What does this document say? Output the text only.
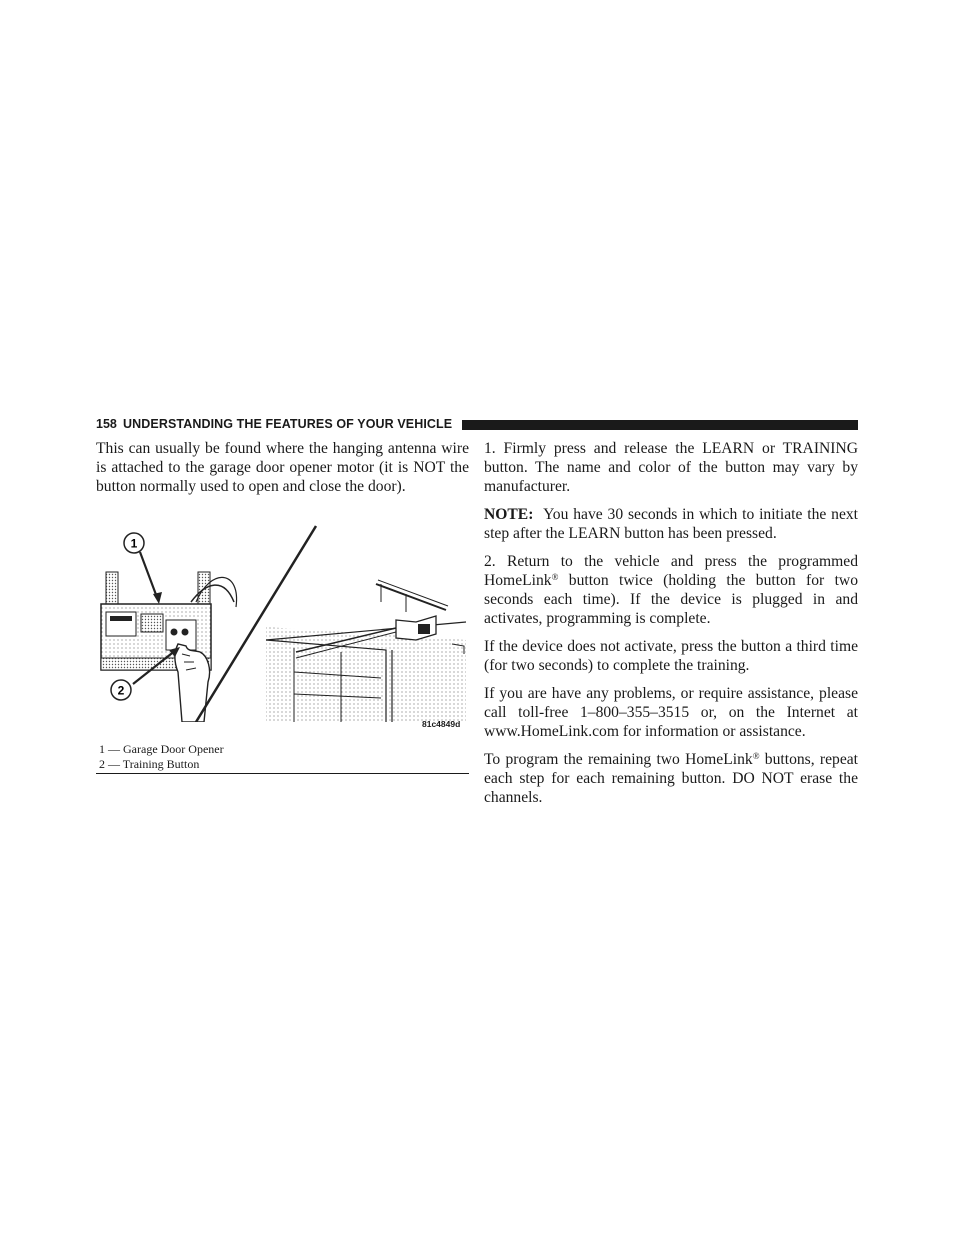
158 UNDERSTANDING THE FEATURES OF YOUR VEHICLE

This can usually be found where the hanging antenna wire is attached to the garage door opener motor (it is NOT the button normally used to open and close the door).

1
2
81c4849d
1 — Garage Door Opener
2 — Training Button

1. Firmly press and release the LEARN or TRAINING button. The name and color of the button may vary by manufacturer.

NOTE: You have 30 seconds in which to initiate the next step after the LEARN button has been pressed.

2. Return to the vehicle and press the programmed HomeLink® button twice (holding the button for two seconds each time). If the device is plugged in and activates, programming is complete.

If the device does not activate, press the button a third time (for two seconds) to complete the training.

If you are have any problems, or require assistance, please call toll-free 1–800–355–3515 or, on the Internet at www.HomeLink.com for information or assistance.

To program the remaining two HomeLink® buttons, repeat each step for each remaining button. DO NOT erase the channels.
